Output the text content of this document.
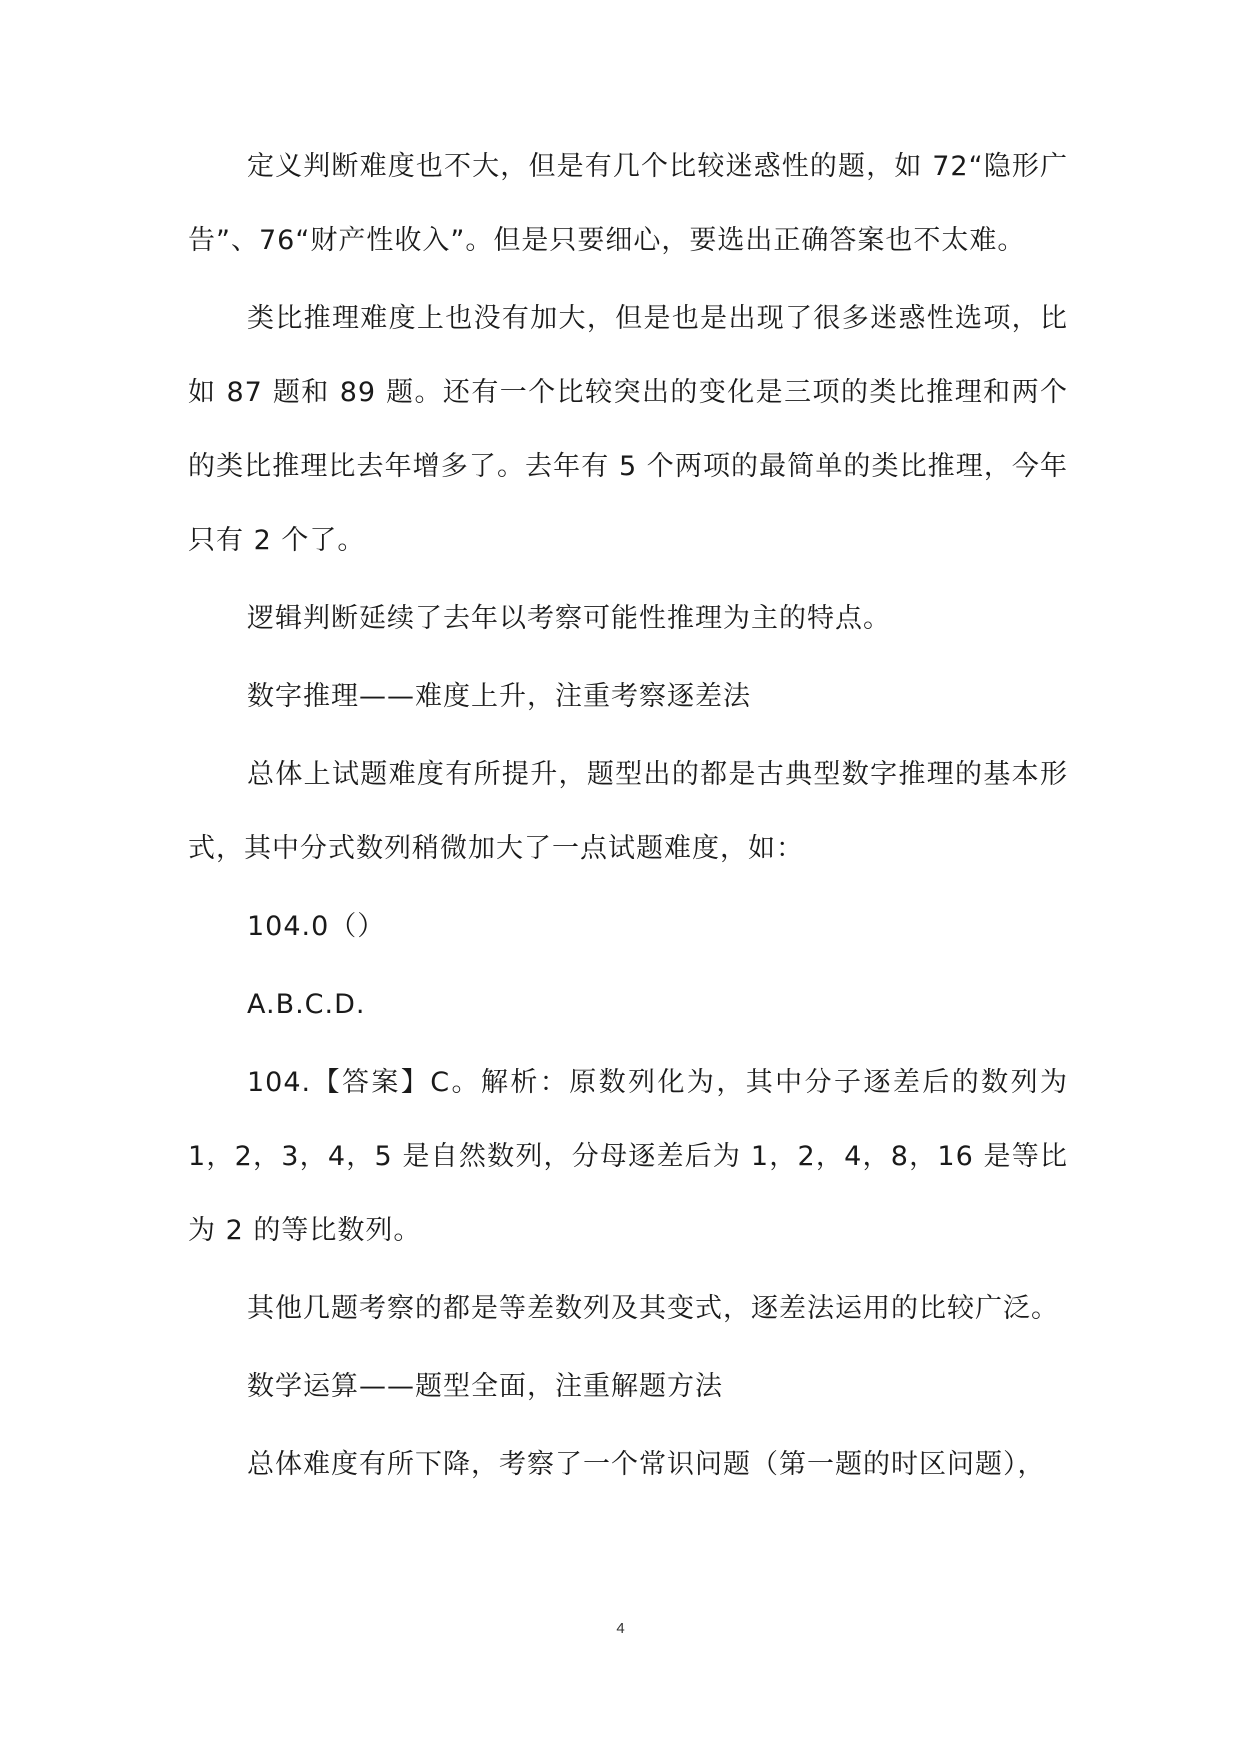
定义判断难度也不大，但是有几个比较迷惑性的题，如 72“隐形广告”、76“财产性收入”。但是只要细心，要选出正确答案也不太难。

类比推理难度上也没有加大，但是也是出现了很多迷惑性选项，比如 87 题和 89 题。还有一个比较突出的变化是三项的类比推理和两个的类比推理比去年增多了。去年有 5 个两项的最简单的类比推理，今年只有 2 个了。

逻辑判断延续了去年以考察可能性推理为主的特点。

数字推理——难度上升，注重考察逐差法

总体上试题难度有所提升，题型出的都是古典型数字推理的基本形式，其中分式数列稍微加大了一点试题难度，如：

104.0（）

A.B.C.D.

104.【答案】C。解析：原数列化为，其中分子逐差后的数列为 1，2，3，4，5 是自然数列，分母逐差后为 1，2，4，8，16 是等比为 2 的等比数列。

其他几题考察的都是等差数列及其变式，逐差法运用的比较广泛。

数学运算——题型全面，注重解题方法

总体难度有所下降，考察了一个常识问题（第一题的时区问题），

4
